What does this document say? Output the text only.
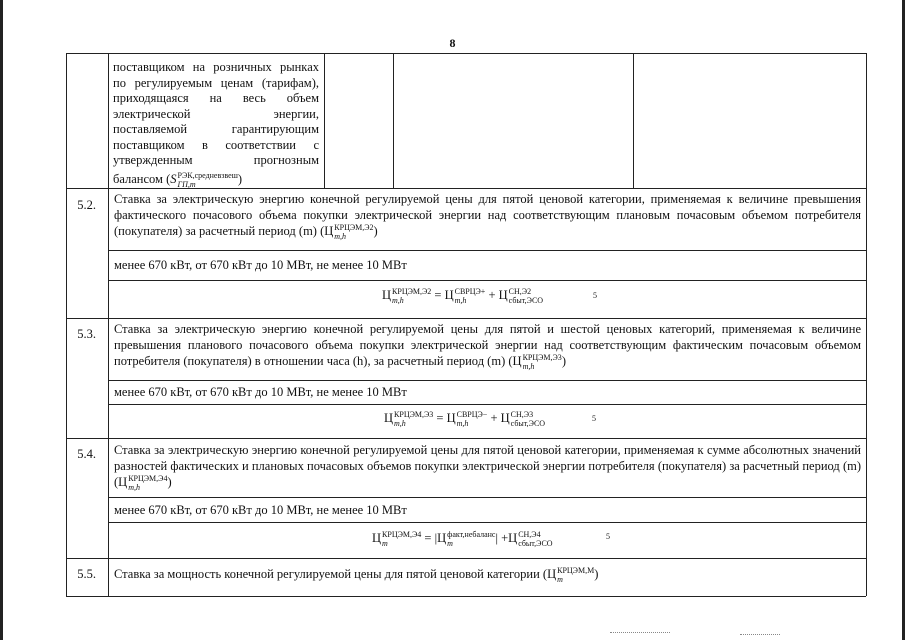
8
поставщиком на розничных рынках
по регулируемым ценам (тарифам),
приходящаяся на весь объем
электрической энергии,
поставляемой гарантирующим
поставщиком в соответствии с
утвержденным прогнозным
балансом (S РЭК,средневзвеш
ГП,m	)
5.2. Ставка за электрическую энергию конечной регулируемой цены для пятой ценовой категории, применяемая к величине превышения фактического почасового объема покупки электрической энергии над соответствующим плановым почасовым объемом потребителя (покупателя) за расчетный период (m) (Ц КРЦЭМ,Э2
m,h	)
менее 670 кВт, от 670 кВт до 10 МВт, не менее 10 МВт
Ц КРЦЭМ,Э2
m,h	= Ц СВРЦЭ+
m,h	+ Ц СН,Э2
сбыт,ЭСО
5
5.3. Ставка за электрическую энергию конечной регулируемой цены для пятой и шестой ценовых категорий, применяемая к величине превышения планового почасового объема покупки электрической энергии над соответствующим фактическим почасовым объемом потребителя (покупателя) в отношении часа (h), за расчетный период (m) (Ц КРЦЭМ,Э3
m,h	)
менее 670 кВт, от 670 кВт до 10 МВт, не менее 10 МВт
Ц КРЦЭМ,Э3
m,h	= Ц СВРЦЭ−
m,h	+ Ц СН,Э3
сбыт,ЭСО
5
5.4. Ставка за электрическую энергию конечной регулируемой цены для пятой ценовой категории, применяемая к сумме абсолютных значений разностей фактических и плановых почасовых объемов покупки электрической энергии потребителя (покупателя) за расчетный период (m) (Ц КРЦЭМ,Э4
m,h	)
менее 670 кВт, от 670 кВт до 10 МВт, не менее 10 МВт
Ц КРЦЭМ,Э4
m	= |Ц факт,небаланс
m	| +Ц СН,Э4
сбыт,ЭСО
5
5.5. Ставка за мощность конечной регулируемой цены для пятой ценовой категории (Ц КРЦЭМ,М
m	)
